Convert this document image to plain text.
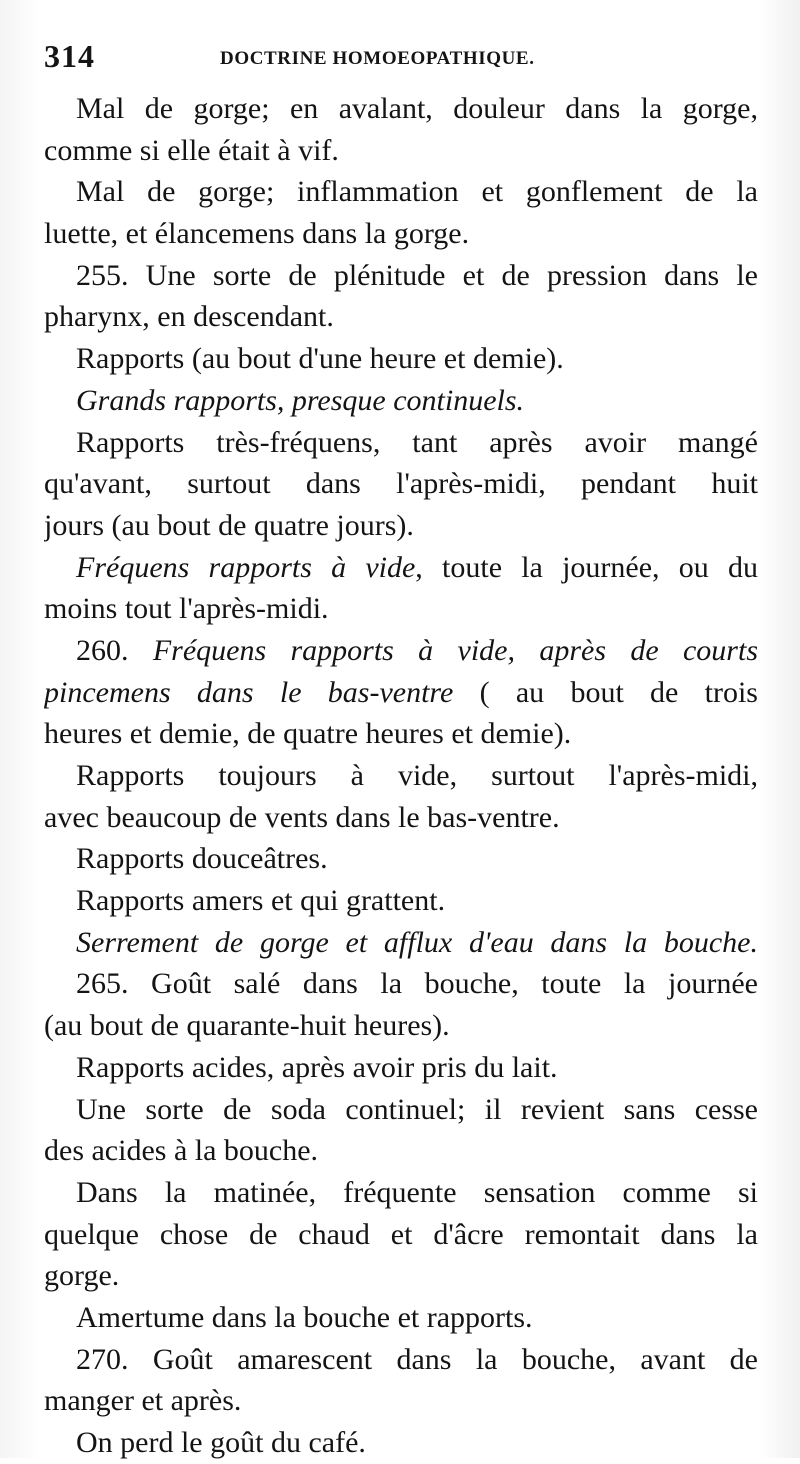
314	DOCTRINE HOMOEOPATHIQUE.
Mal de gorge; en avalant, douleur dans la gorge,
comme si elle était à vif.
Mal de gorge; inflammation et gonflement de la
luette, et élancemens dans la gorge.
255. Une sorte de plénitude et de pression dans le
pharynx, en descendant.
Rapports (au bout d'une heure et demie).
Grands rapports, presque continuels.
Rapports très-fréquens, tant après avoir mangé
qu'avant, surtout dans l'après-midi, pendant huit
jours (au bout de quatre jours).
Fréquens rapports à vide, toute la journée, ou du
moins tout l'après-midi.
260. Fréquens rapports à vide, après de courts
pincemens dans le bas-ventre ( au bout de trois
heures et demie, de quatre heures et demie).
Rapports toujours à vide, surtout l'après-midi,
avec beaucoup de vents dans le bas-ventre.
Rapports douceâtres.
Rapports amers et qui grattent.
Serrement de gorge et afflux d'eau dans la bouche.
265. Goût salé dans la bouche, toute la journée
(au bout de quarante-huit heures).
Rapports acides, après avoir pris du lait.
Une sorte de soda continuel; il revient sans cesse
des acides à la bouche.
Dans la matinée, fréquente sensation comme si
quelque chose de chaud et d'âcre remontait dans la
gorge.
Amertume dans la bouche et rapports.
270. Goût amarescent dans la bouche, avant de
manger et après.
On perd le goût du café.
